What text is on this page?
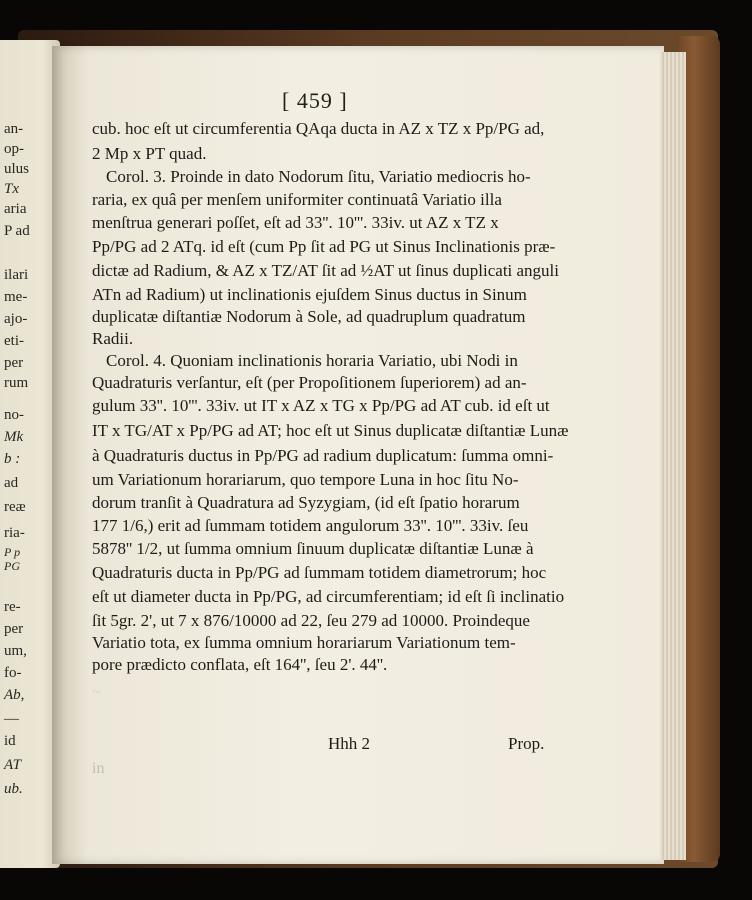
an-
op-
ulus
Tx
aria
P ad
ilari
me-
ajo-
eti-
per
rum
no-
Mk
b :
ad
reæ
ria-
P p
PG
re-
per
um,
fo-
Ab,
—
id
AT
ub.
[ 459 ]
cub. hoc eſt ut circumferentia QAqa ducta in AZ x TZ x Pp/PG ad,
2 Mp x PT quad.
Corol. 3. Proinde in dato Nodorum ſitu, Variatio mediocris ho-
raria, ex quâ per menſem uniformiter continuatâ Variatio illa
menſtrua generari poſſet, eſt ad 33''. 10'''. 33iv. ut AZ x TZ x
Pp/PG ad 2 ATq. id eſt (cum Pp ſit ad PG ut Sinus Inclinationis præ-
dictæ ad Radium, & AZ x TZ/AT ſit ad ½AT ut ſinus duplicati anguli
ATn ad Radium) ut inclinationis ejuſdem Sinus ductus in Sinum
duplicatæ diſtantiæ Nodorum à Sole, ad quadruplum quadratum
Radii.
Corol. 4. Quoniam inclinationis horaria Variatio, ubi Nodi in
Quadraturis verſantur, eſt (per Propoſitionem ſuperiorem) ad an-
gulum 33''. 10'''. 33iv. ut IT x AZ x TG x Pp/PG ad AT cub. id eſt ut
IT x TG/AT x Pp/PG ad AT; hoc eſt ut Sinus duplicatæ diſtantiæ Lunæ
à Quadraturis ductus in Pp/PG ad radium duplicatum: ſumma omni-
um Variationum horariarum, quo tempore Luna in hoc ſitu No-
dorum tranſit à Quadratura ad Syzygiam, (id eſt ſpatio horarum
177 1/6,) erit ad ſummam totidem angulorum 33''. 10'''. 33iv. ſeu
5878'' 1/2, ut ſumma omnium ſinuum duplicatæ diſtantiæ Lunæ à
Quadraturis ducta in Pp/PG ad ſummam totidem diametrorum; hoc
eſt ut diameter ducta in Pp/PG, ad circumferentiam; id eſt ſi inclinatio
ſit 5gr. 2', ut 7 x 876/10000 ad 22, ſeu 279 ad 10000. Proindeque
Variatio tota, ex ſumma omnium horariarum Variationum tem-
pore prædicto conflata, eſt 164'', ſeu 2'. 44''.
~
Hhh 2	Prop.
in
